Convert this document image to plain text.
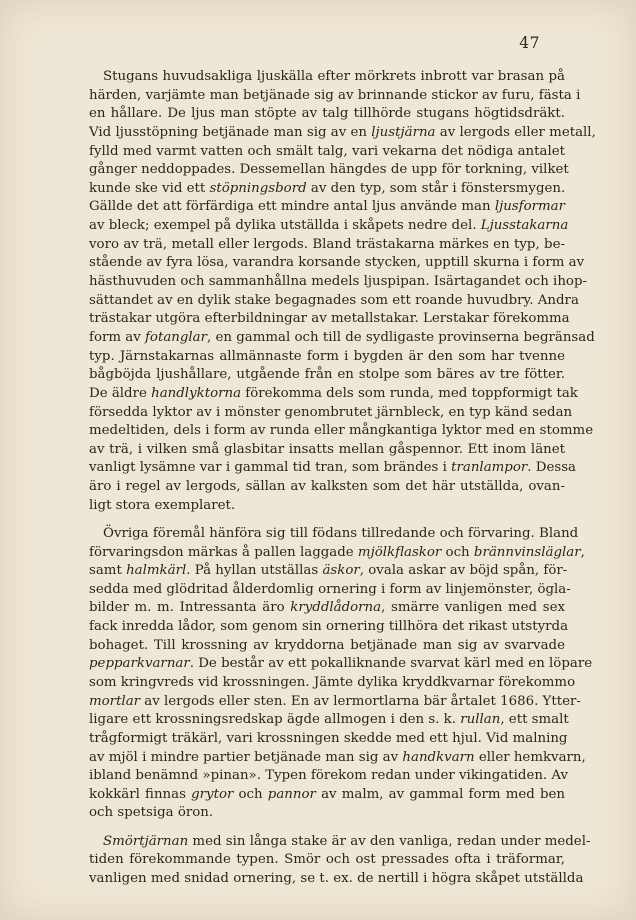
47
Stugans huvudsakliga ljuskälla efter mörkrets inbrott var brasan på
härden, varjämte man betjänade sig av brinnande stickor av furu, fästa i
en hållare. De ljus man stöpte av talg tillhörde stugans högtidsdräkt.
Vid ljusstöpning betjänade man sig av en ljustjärna av lergods eller metall,
fylld med varmt vatten och smält talg, vari vekarna det nödiga antalet
gånger neddoppades. Dessemellan hängdes de upp för torkning, vilket
kunde ske vid ett stöpningsbord av den typ, som står i fönstersmygen.
Gällde det att förfärdiga ett mindre antal ljus använde man ljusformar
av bleck; exempel på dylika utställda i skåpets nedre del. Ljusstakarna
voro av trä, metall eller lergods. Bland trästakarna märkes en typ, be-
stående av fyra lösa, varandra korsande stycken, upptill skurna i form av
hästhuvuden och sammanhållna medels ljuspipan. Isärtagandet och ihop-
sättandet av en dylik stake begagnades som ett roande huvudbry. Andra
trästakar utgöra efterbildningar av metallstakar. Lerstakar förekomma
form av fotanglar, en gammal och till de sydligaste provinserna begränsad
typ. Järnstakarnas allmännaste form i bygden är den som har tvenne
bågböjda ljushållare, utgående från en stolpe som bäres av tre fötter.
De äldre handlyktorna förekomma dels som runda, med toppformigt tak
försedda lyktor av i mönster genombrutet järnbleck, en typ känd sedan
medeltiden, dels i form av runda eller mångkantiga lyktor med en stomme
av trä, i vilken små glasbitar insatts mellan gåspennor. Ett inom länet
vanligt lysämne var i gammal tid tran, som brändes i tranlampor. Dessa
äro i regel av lergods, sällan av kalksten som det här utställda, ovan-
ligt stora exemplaret.
Övriga föremål hänföra sig till födans tillredande och förvaring. Bland
förvaringsdon märkas å pallen laggade mjölkflaskor och brännvinsläglar,
samt halmkärl. På hyllan utställas äskor, ovala askar av böjd spån, för-
sedda med glödritad ålderdomlig ornering i form av linjemönster, ögla-
bilder m. m. Intressanta äro kryddlådorna, smärre vanligen med sex
fack inredda lådor, som genom sin ornering tillhöra det rikast utstyrda
bohaget. Till krossning av kryddorna betjänade man sig av svarvade
pepparkvarnar. De består av ett pokalliknande svarvat kärl med en löpare
som kringvreds vid krossningen. Jämte dylika kryddkvarnar förekommo
mortlar av lergods eller sten. En av lermortlarna bär årtalet 1686. Ytter-
ligare ett krossningsredskap ägde allmogen i den s. k. rullan, ett smalt
trågformigt träkärl, vari krossningen skedde med ett hjul. Vid malning
av mjöl i mindre partier betjänade man sig av handkvarn eller hemkvarn,
ibland benämnd »pinan». Typen förekom redan under vikingatiden. Av
kokkärl finnas grytor och pannor av malm, av gammal form med ben
och spetsiga öron.
Smörtjärnan med sin långa stake är av den vanliga, redan under medel-
tiden förekommande typen. Smör och ost pressades ofta i träformar,
vanligen med snidad ornering, se t. ex. de nertill i högra skåpet utställda
